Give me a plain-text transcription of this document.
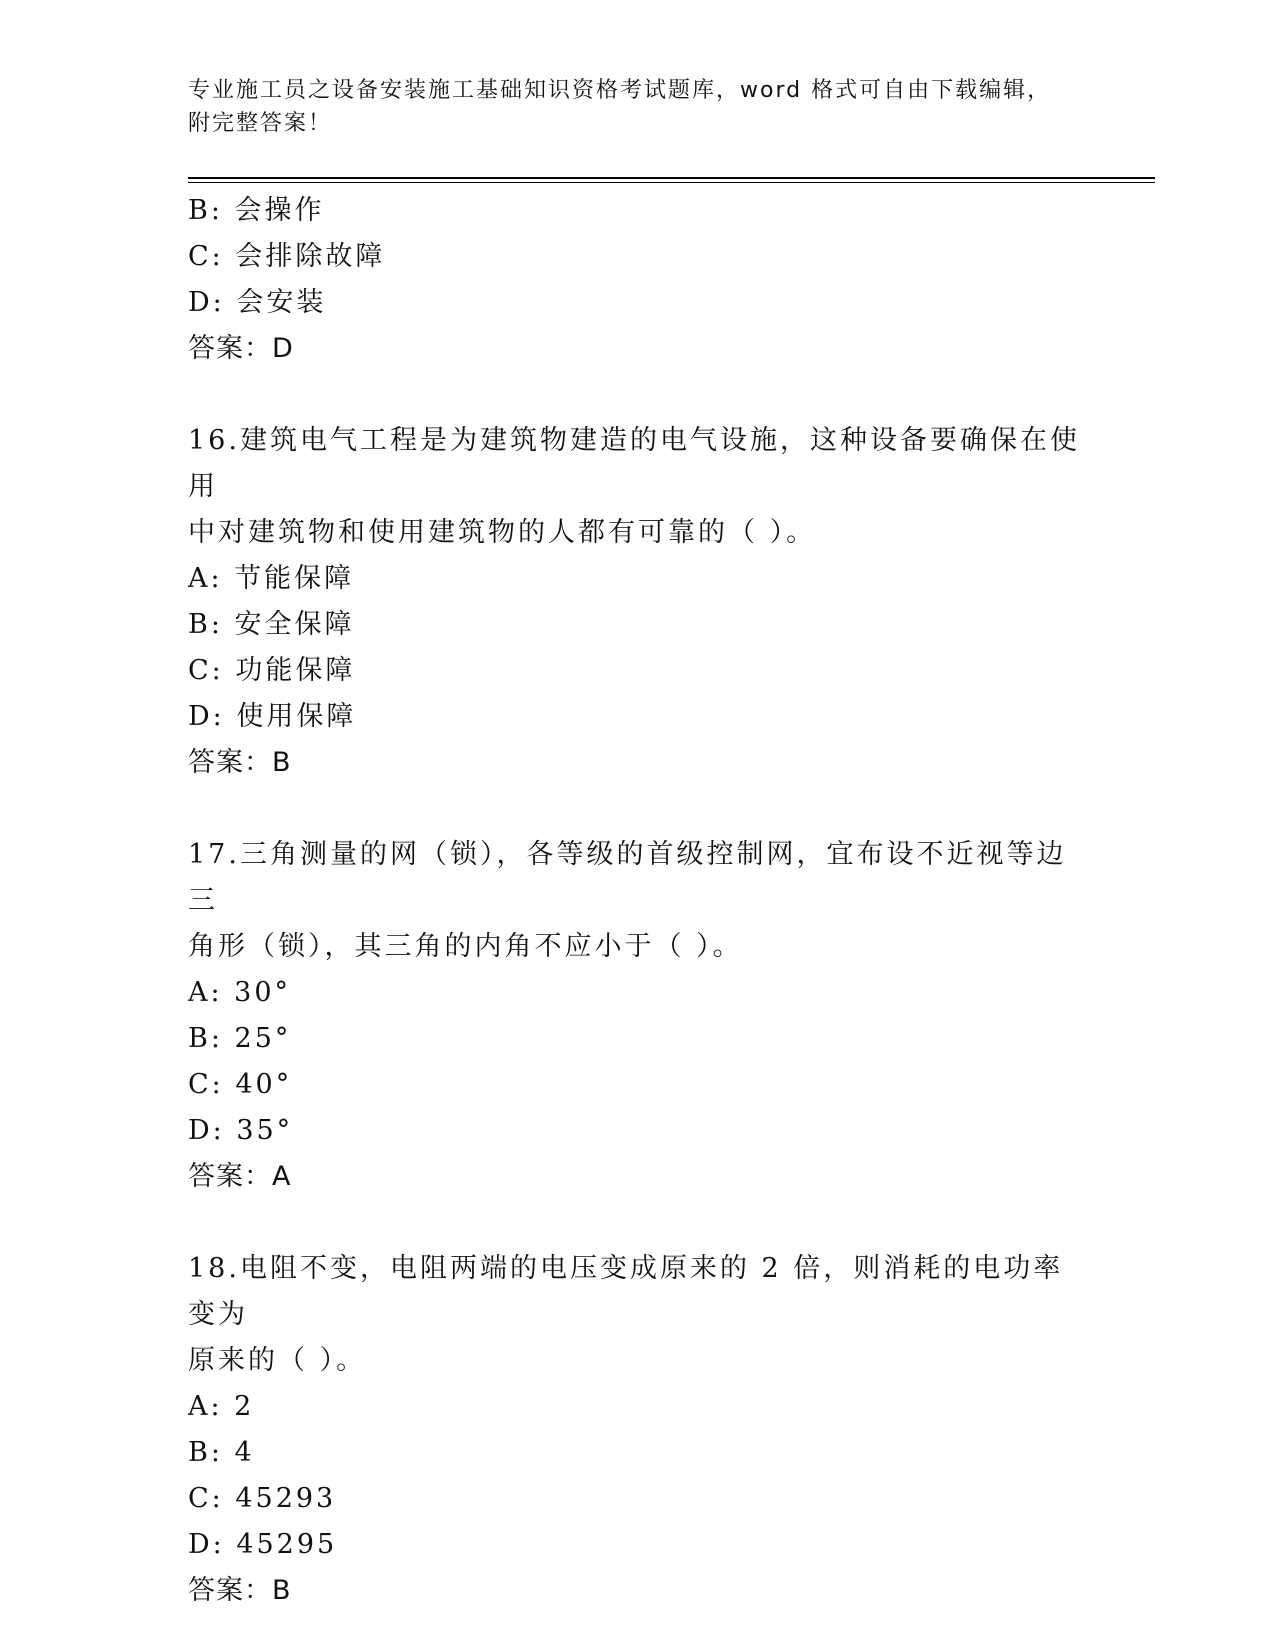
专业施工员之设备安装施工基础知识资格考试题库，word 格式可自由下载编辑，
附完整答案！
B: 会操作
C: 会排除故障
D: 会安装
答案：D
16.建筑电气工程是为建筑物建造的电气设施，这种设备要确保在使用
中对建筑物和使用建筑物的人都有可靠的（ ）。
A: 节能保障
B: 安全保障
C: 功能保障
D: 使用保障
答案：B
17.三角测量的网（锁），各等级的首级控制网，宜布设不近视等边三
角形（锁），其三角的内角不应小于（ ）。
A: 30°
B: 25°
C: 40°
D: 35°
答案：A
18.电阻不变，电阻两端的电压变成原来的 2 倍，则消耗的电功率变为
原来的（ ）。
A: 2
B: 4
C: 45293
D: 45295
答案：B
